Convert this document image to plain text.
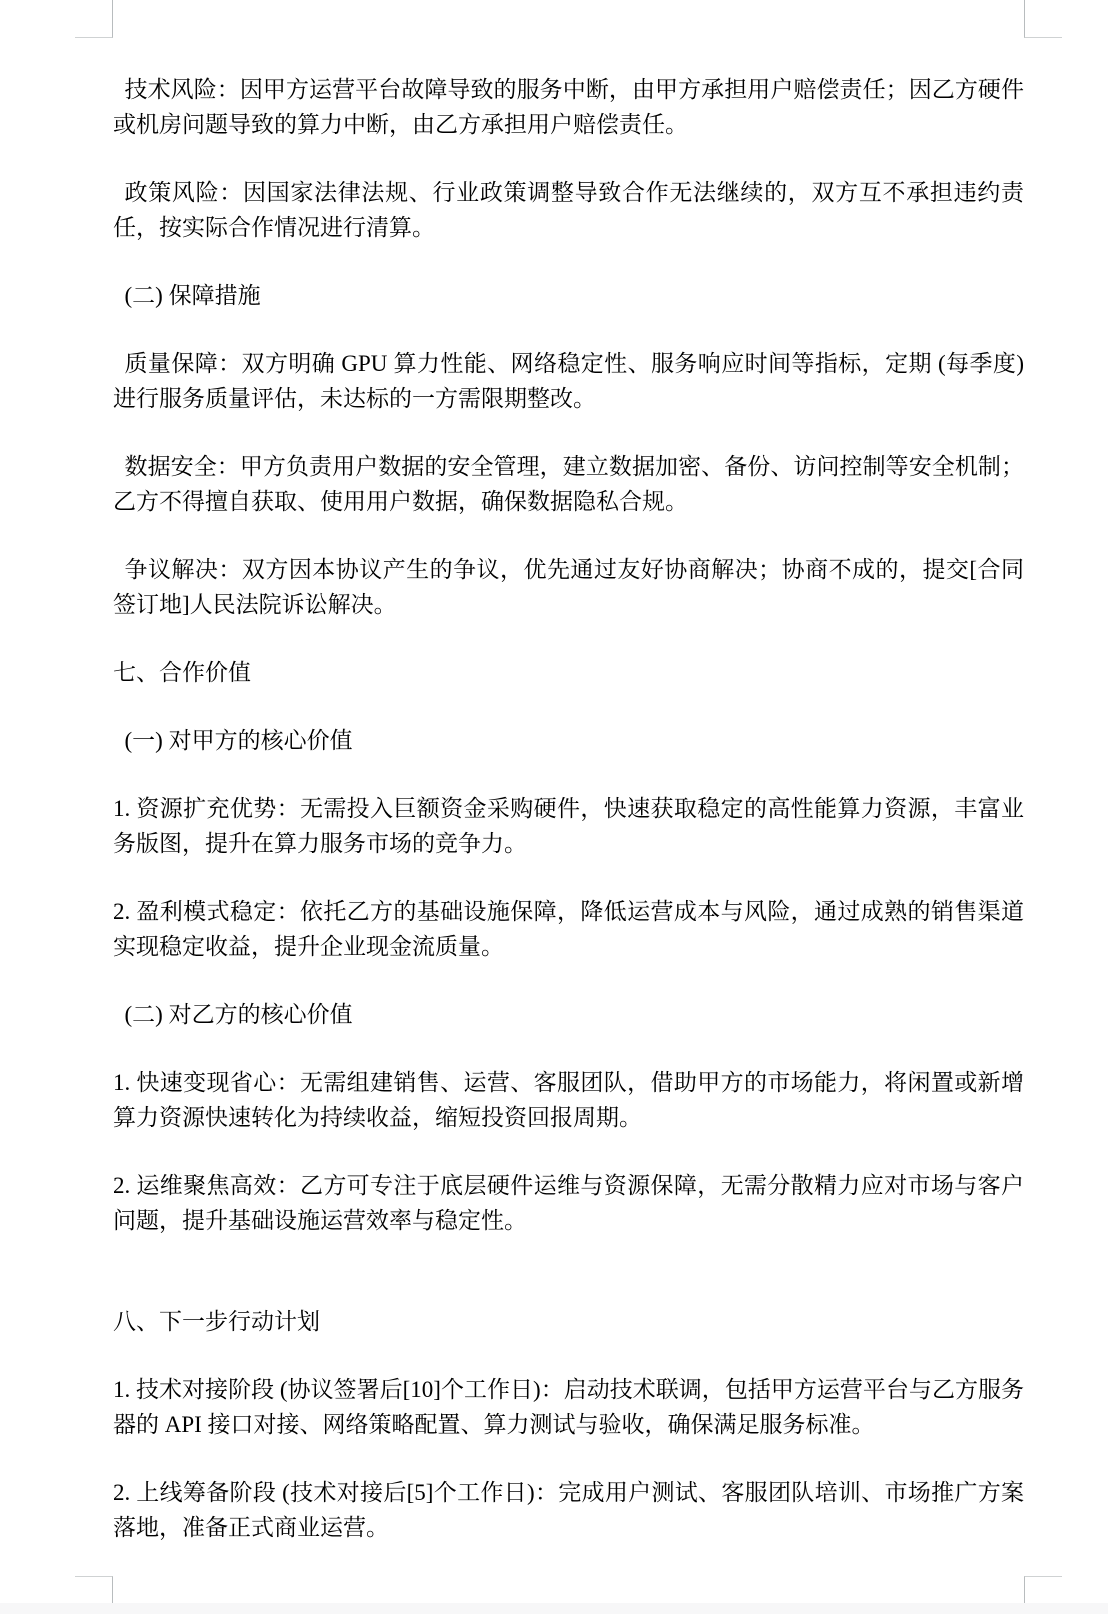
技术风险：因甲方运营平台故障导致的服务中断，由甲方承担用户赔偿责任；因乙方硬件或机房问题导致的算力中断，由乙方承担用户赔偿责任。

政策风险：因国家法律法规、行业政策调整导致合作无法继续的，双方互不承担违约责任，按实际合作情况进行清算。

(二) 保障措施

质量保障：双方明确 GPU 算力性能、网络稳定性、服务响应时间等指标，定期 (每季度)进行服务质量评估，未达标的一方需限期整改。

数据安全：甲方负责用户数据的安全管理，建立数据加密、备份、访问控制等安全机制；乙方不得擅自获取、使用用户数据，确保数据隐私合规。

争议解决：双方因本协议产生的争议，优先通过友好协商解决；协商不成的，提交[合同签订地]人民法院诉讼解决。

七、合作价值

(一) 对甲方的核心价值

1. 资源扩充优势：无需投入巨额资金采购硬件，快速获取稳定的高性能算力资源，丰富业务版图，提升在算力服务市场的竞争力。

2. 盈利模式稳定：依托乙方的基础设施保障，降低运营成本与风险，通过成熟的销售渠道实现稳定收益，提升企业现金流质量。

(二) 对乙方的核心价值

1. 快速变现省心：无需组建销售、运营、客服团队，借助甲方的市场能力，将闲置或新增算力资源快速转化为持续收益，缩短投资回报周期。

2. 运维聚焦高效：乙方可专注于底层硬件运维与资源保障，无需分散精力应对市场与客户问题，提升基础设施运营效率与稳定性。

八、下一步行动计划

1. 技术对接阶段 (协议签署后[10]个工作日)：启动技术联调，包括甲方运营平台与乙方服务器的 API 接口对接、网络策略配置、算力测试与验收，确保满足服务标准。

2. 上线筹备阶段 (技术对接后[5]个工作日)：完成用户测试、客服团队培训、市场推广方案落地，准备正式商业运营。
